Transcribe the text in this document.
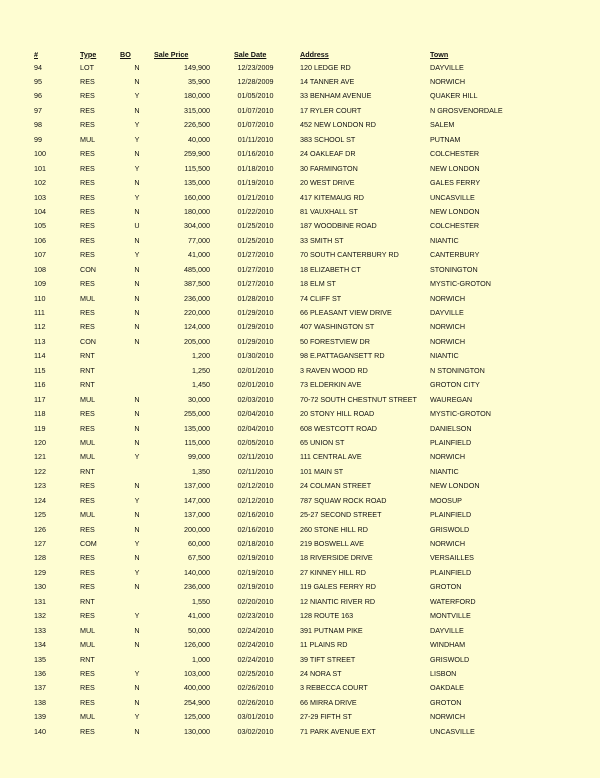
#	Type	BO	Sale Price		Sale Date		Address	Town
94	LOT	N	149,900		12/23/2009		120 LEDGE RD	DAYVILLE
95	RES	N	35,900		12/28/2009		14 TANNER AVE	NORWICH
96	RES	Y	180,000		01/05/2010		33 BENHAM AVENUE	QUAKER HILL
97	RES	N	315,000		01/07/2010		17 RYLER COURT	N GROSVENORDALE
98	RES	Y	226,500		01/07/2010		452 NEW LONDON RD	SALEM
99	MUL	Y	40,000		01/11/2010		383 SCHOOL ST	PUTNAM
100	RES	N	259,900		01/16/2010		24 OAKLEAF DR	COLCHESTER
101	RES	Y	115,500		01/18/2010		30 FARMINGTON	NEW LONDON
102	RES	N	135,000		01/19/2010		20 WEST DRIVE	GALES FERRY
103	RES	Y	160,000		01/21/2010		417 KITEMAUG RD	UNCASVILLE
104	RES	N	180,000		01/22/2010		81 VAUXHALL ST	NEW LONDON
105	RES	U	304,000		01/25/2010		187 WOODBINE ROAD	COLCHESTER
106	RES	N	77,000		01/25/2010		33 SMITH ST	NIANTIC
107	RES	Y	41,000		01/27/2010		70 SOUTH CANTERBURY RD	CANTERBURY
108	CON	N	485,000		01/27/2010		18 ELIZABETH CT	STONINGTON
109	RES	N	387,500		01/27/2010		18 ELM ST	MYSTIC-GROTON
110	MUL	N	236,000		01/28/2010		74 CLIFF ST	NORWICH
111	RES	N	220,000		01/29/2010		66 PLEASANT VIEW DRIVE	DAYVILLE
112	RES	N	124,000		01/29/2010		407 WASHINGTON ST	NORWICH
113	CON	N	205,000		01/29/2010		50 FORESTVIEW DR	NORWICH
114	RNT		1,200		01/30/2010		98 E.PATTAGANSETT RD	NIANTIC
115	RNT		1,250		02/01/2010		3 RAVEN WOOD RD	N STONINGTON
116	RNT		1,450		02/01/2010		73 ELDERKIN AVE	GROTON CITY
117	MUL	N	30,000		02/03/2010		70-72 SOUTH CHESTNUT STREET	WAUREGAN
118	RES	N	255,000		02/04/2010		20 STONY HILL ROAD	MYSTIC-GROTON
119	RES	N	135,000		02/04/2010		608 WESTCOTT ROAD	DANIELSON
120	MUL	N	115,000		02/05/2010		65 UNION ST	PLAINFIELD
121	MUL	Y	99,000		02/11/2010		111 CENTRAL AVE	NORWICH
122	RNT		1,350		02/11/2010		101 MAIN ST	NIANTIC
123	RES	N	137,000		02/12/2010		24 COLMAN STREET	NEW LONDON
124	RES	Y	147,000		02/12/2010		787 SQUAW ROCK ROAD	MOOSUP
125	MUL	N	137,000		02/16/2010		25-27 SECOND STREET	PLAINFIELD
126	RES	N	200,000		02/16/2010		260 STONE HILL RD	GRISWOLD
127	COM	Y	60,000		02/18/2010		219 BOSWELL AVE	NORWICH
128	RES	N	67,500		02/19/2010		18 RIVERSIDE DRIVE	VERSAILLES
129	RES	Y	140,000		02/19/2010		27 KINNEY HILL RD	PLAINFIELD
130	RES	N	236,000		02/19/2010		119 GALES FERRY RD	GROTON
131	RNT		1,550		02/20/2010		12 NIANTIC RIVER RD	WATERFORD
132	RES	Y	41,000		02/23/2010		128 ROUTE 163	MONTVILLE
133	MUL	N	50,000		02/24/2010		391 PUTNAM PIKE	DAYVILLE
134	MUL	N	126,000		02/24/2010		11 PLAINS RD	WINDHAM
135	RNT		1,000		02/24/2010		39 TIFT STREET	GRISWOLD
136	RES	Y	103,000		02/25/2010		24 NORA ST	LISBON
137	RES	N	400,000		02/26/2010		3 REBECCA COURT	OAKDALE
138	RES	N	254,900		02/26/2010		66 MIRRA DRIVE	GROTON
139	MUL	Y	125,000		03/01/2010		27-29 FIFTH ST	NORWICH
140	RES	N	130,000		03/02/2010		71 PARK AVENUE EXT	UNCASVILLE
